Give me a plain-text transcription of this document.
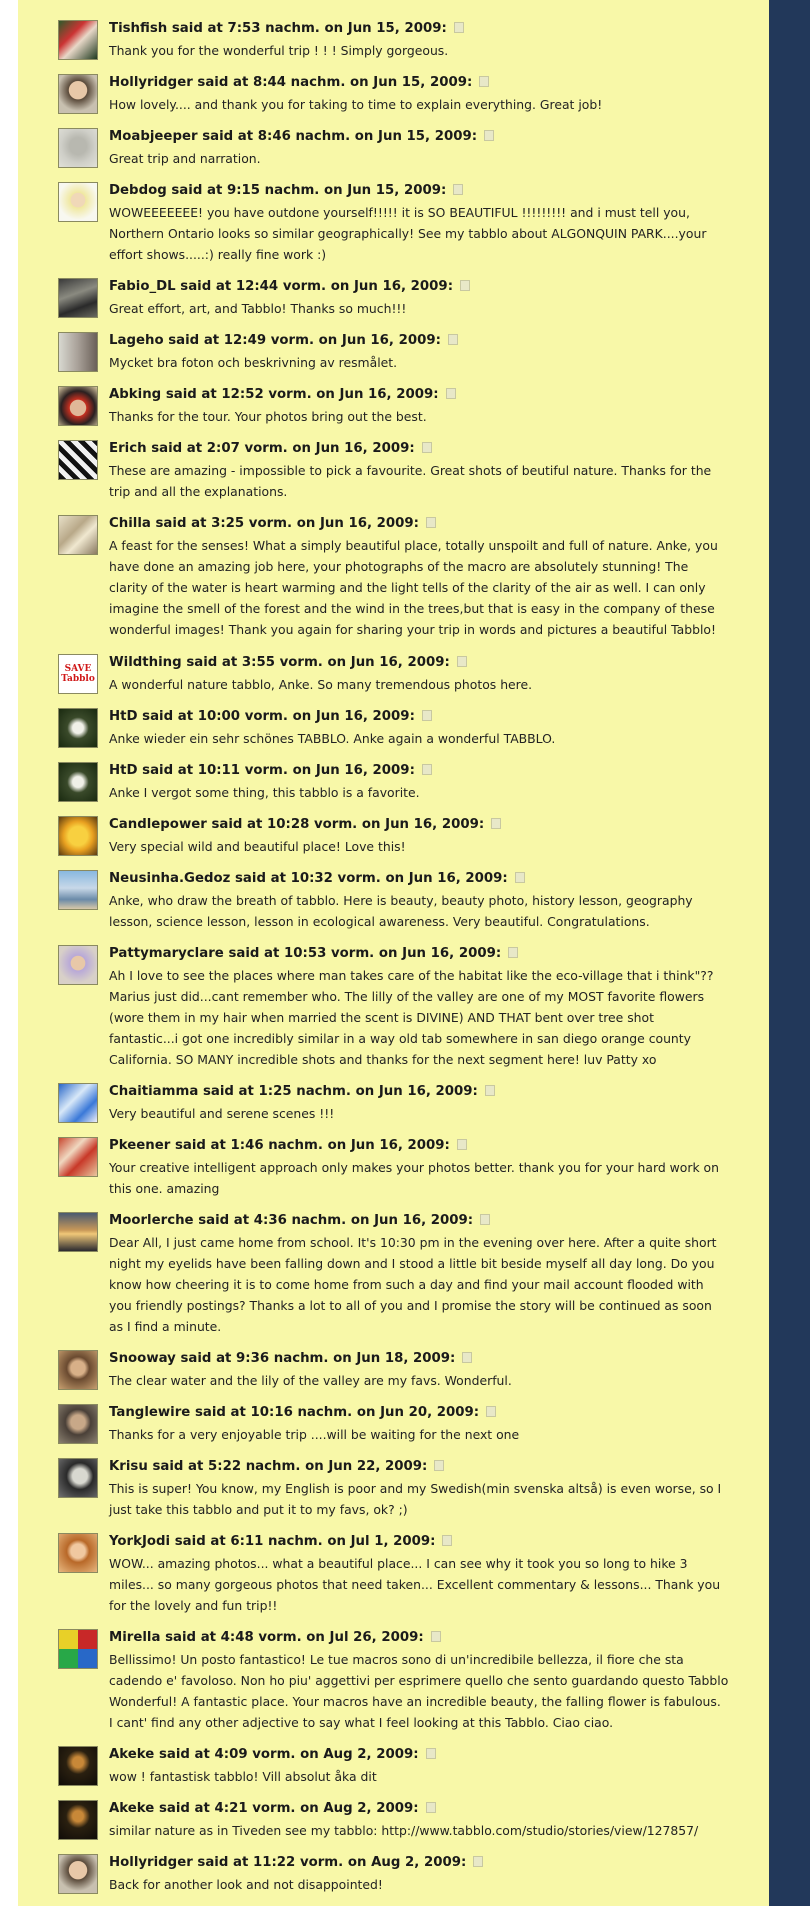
Tishfish said at 7:53 nachm. on Jun 15, 2009:
Thank you for the wonderful trip ! ! ! Simply gorgeous.
Hollyridger said at 8:44 nachm. on Jun 15, 2009:
How lovely.... and thank you for taking to time to explain everything. Great job!
Moabjeeper said at 8:46 nachm. on Jun 15, 2009:
Great trip and narration.
Debdog said at 9:15 nachm. on Jun 15, 2009:
WOWEEEEEEE! you have outdone yourself!!!!! it is SO BEAUTIFUL !!!!!!!!! and i must tell you,
Northern Ontario looks so similar geographically! See my tabblo about ALGONQUIN PARK....your
effort shows.....:) really fine work :)
Fabio_DL said at 12:44 vorm. on Jun 16, 2009:
Great effort, art, and Tabblo! Thanks so much!!!
Lageho said at 12:49 vorm. on Jun 16, 2009:
Mycket bra foton och beskrivning av resmålet.
Abking said at 12:52 vorm. on Jun 16, 2009:
Thanks for the tour. Your photos bring out the best.
Erich said at 2:07 vorm. on Jun 16, 2009:
These are amazing - impossible to pick a favourite. Great shots of beutiful nature. Thanks for the
trip and all the explanations.
Chilla said at 3:25 vorm. on Jun 16, 2009:
A feast for the senses! What a simply beautiful place, totally unspoilt and full of nature. Anke, you
have done an amazing job here, your photographs of the macro are absolutely stunning! The
clarity of the water is heart warming and the light tells of the clarity of the air as well. I can only
imagine the smell of the forest and the wind in the trees,but that is easy in the company of these
wonderful images! Thank you again for sharing your trip in words and pictures a beautiful Tabblo!
SAVE Tabblo
Wildthing said at 3:55 vorm. on Jun 16, 2009:
A wonderful nature tabblo, Anke. So many tremendous photos here.
HtD said at 10:00 vorm. on Jun 16, 2009:
Anke wieder ein sehr schönes TABBLO. Anke again a wonderful TABBLO.
HtD said at 10:11 vorm. on Jun 16, 2009:
Anke I vergot some thing, this tabblo is a favorite.
Candlepower said at 10:28 vorm. on Jun 16, 2009:
Very special wild and beautiful place! Love this!
Neusinha.Gedoz said at 10:32 vorm. on Jun 16, 2009:
Anke, who draw the breath of tabblo. Here is beauty, beauty photo, history lesson, geography
lesson, science lesson, lesson in ecological awareness. Very beautiful. Congratulations.
Pattymaryclare said at 10:53 vorm. on Jun 16, 2009:
Ah I love to see the places where man takes care of the habitat like the eco-village that i think"??
Marius just did...cant remember who. The lilly of the valley are one of my MOST favorite flowers
(wore them in my hair when married the scent is DIVINE) AND THAT bent over tree shot
fantastic...i got one incredibly similar in a way old tab somewhere in san diego orange county
California. SO MANY incredible shots and thanks for the next segment here! luv Patty xo
Chaitiamma said at 1:25 nachm. on Jun 16, 2009:
Very beautiful and serene scenes !!!
Pkeener said at 1:46 nachm. on Jun 16, 2009:
Your creative intelligent approach only makes your photos better. thank you for your hard work on
this one. amazing
Moorlerche said at 4:36 nachm. on Jun 16, 2009:
Dear All, I just came home from school. It's 10:30 pm in the evening over here. After a quite short
night my eyelids have been falling down and I stood a little bit beside myself all day long. Do you
know how cheering it is to come home from such a day and find your mail account flooded with
you friendly postings? Thanks a lot to all of you and I promise the story will be continued as soon
as I find a minute.
Snooway said at 9:36 nachm. on Jun 18, 2009:
The clear water and the lily of the valley are my favs. Wonderful.
Tanglewire said at 10:16 nachm. on Jun 20, 2009:
Thanks for a very enjoyable trip ....will be waiting for the next one
Krisu said at 5:22 nachm. on Jun 22, 2009:
This is super! You know, my English is poor and my Swedish(min svenska altså) is even worse, so I
just take this tabblo and put it to my favs, ok? ;)
YorkJodi said at 6:11 nachm. on Jul 1, 2009:
WOW... amazing photos... what a beautiful place... I can see why it took you so long to hike 3
miles... so many gorgeous photos that need taken... Excellent commentary & lessons... Thank you
for the lovely and fun trip!!
Mirella said at 4:48 vorm. on Jul 26, 2009:
Bellissimo! Un posto fantastico! Le tue macros sono di un'incredibile bellezza, il fiore che sta
cadendo e' favoloso. Non ho piu' aggettivi per esprimere quello che sento guardando questo Tabblo
Wonderful! A fantastic place. Your macros have an incredible beauty, the falling flower is fabulous.
I cant' find any other adjective to say what I feel looking at this Tabblo. Ciao ciao.
Akeke said at 4:09 vorm. on Aug 2, 2009:
wow ! fantastisk tabblo! Vill absolut åka dit
Akeke said at 4:21 vorm. on Aug 2, 2009:
similar nature as in Tiveden see my tabblo: http://www.tabblo.com/studio/stories/view/127857/
Hollyridger said at 11:22 vorm. on Aug 2, 2009:
Back for another look and not disappointed!
